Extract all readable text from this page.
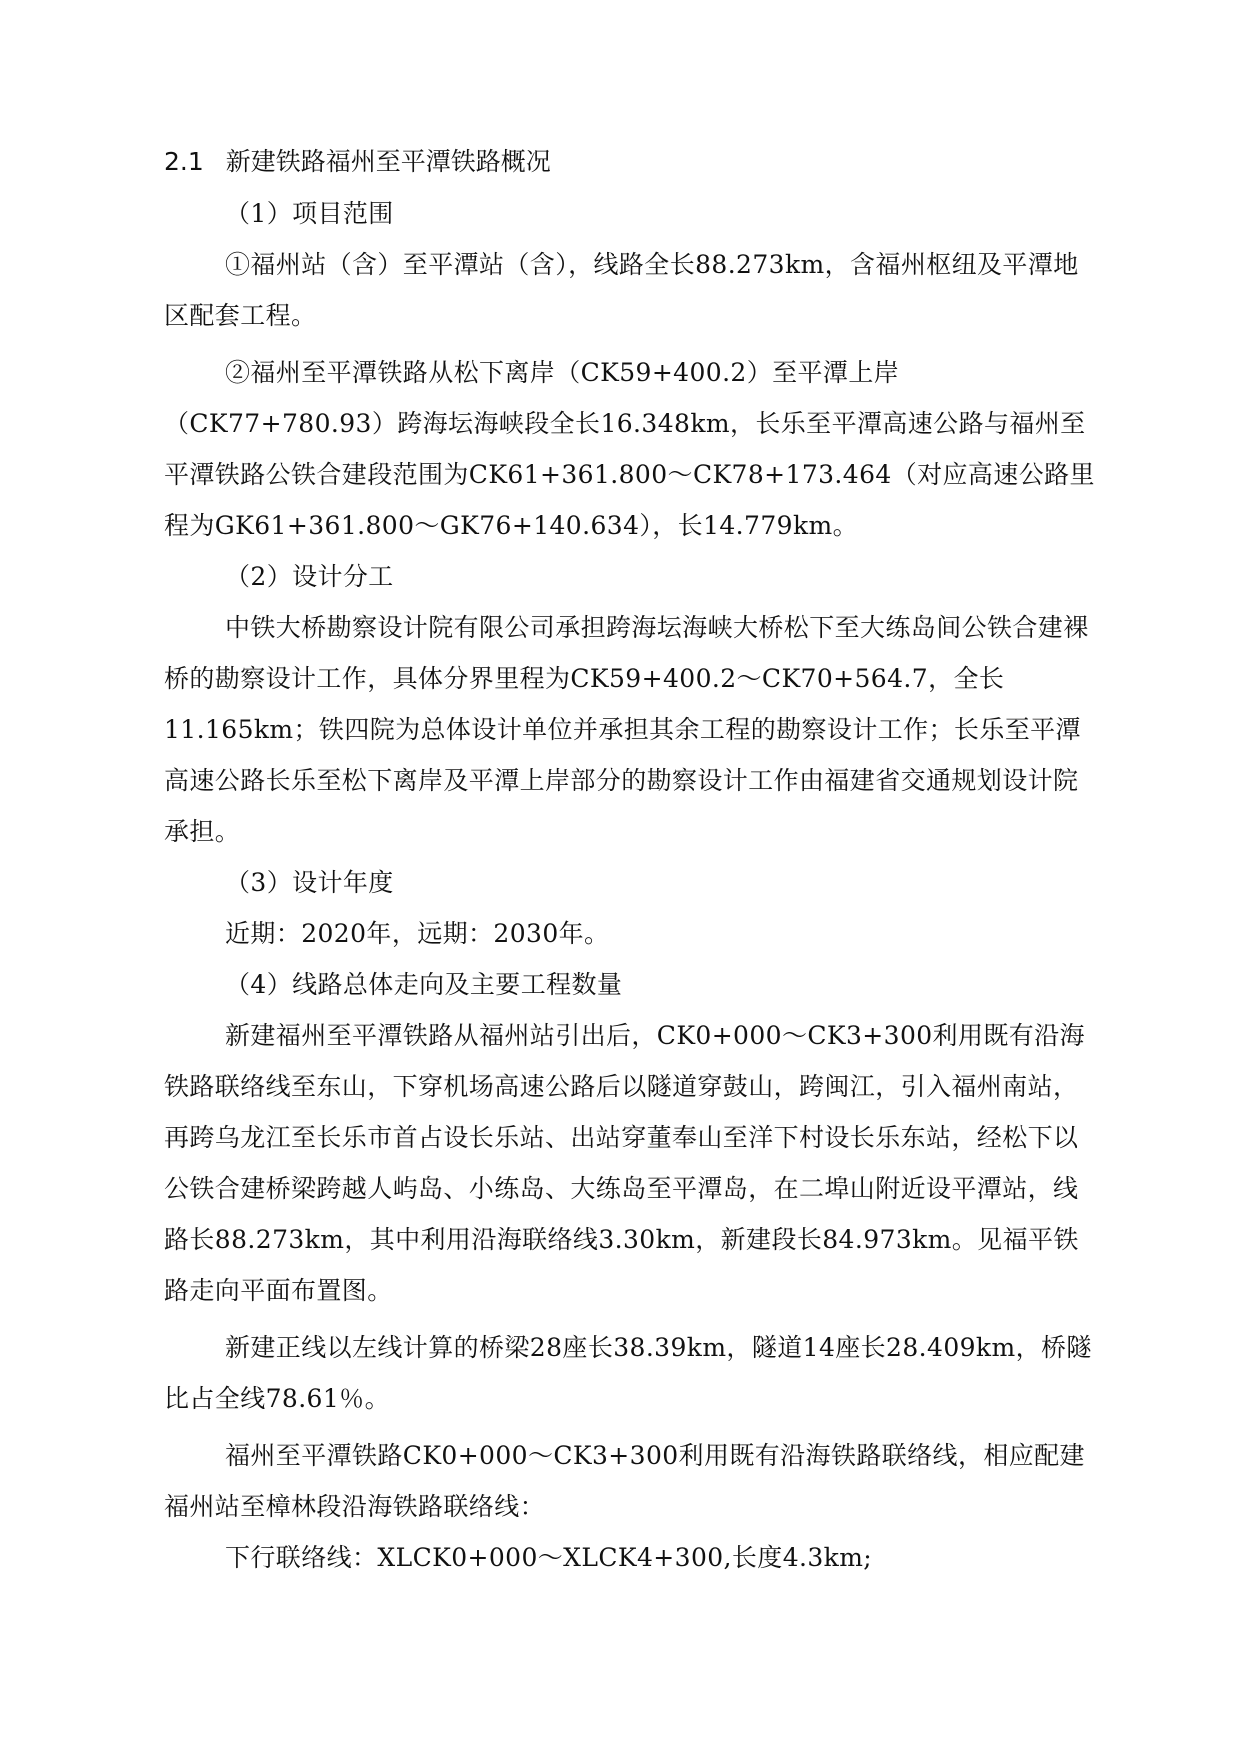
2.1 新建铁路福州至平潭铁路概况

（1）项目范围

①福州站（含）至平潭站（含），线路全长88.273km，含福州枢纽及平潭地区配套工程。

②福州至平潭铁路从松下离岸（CK59+400.2）至平潭上岸（CK77+780.93）跨海坛海峡段全长16.348km，长乐至平潭高速公路与福州至平潭铁路公铁合建段范围为CK61+361.800～CK78+173.464（对应高速公路里程为GK61+361.800～GK76+140.634），长14.779km。

（2）设计分工

中铁大桥勘察设计院有限公司承担跨海坛海峡大桥松下至大练岛间公铁合建裸桥的勘察设计工作，具体分界里程为CK59+400.2～CK70+564.7，全长11.165km；铁四院为总体设计单位并承担其余工程的勘察设计工作；长乐至平潭高速公路长乐至松下离岸及平潭上岸部分的勘察设计工作由福建省交通规划设计院承担。

（3）设计年度

近期：2020年，远期：2030年。

（4）线路总体走向及主要工程数量

新建福州至平潭铁路从福州站引出后，CK0+000～CK3+300利用既有沿海铁路联络线至东山，下穿机场高速公路后以隧道穿鼓山，跨闽江，引入福州南站，再跨乌龙江至长乐市首占设长乐站、出站穿董奉山至洋下村设长乐东站，经松下以公铁合建桥梁跨越人屿岛、小练岛、大练岛至平潭岛，在二埠山附近设平潭站，线路长88.273km，其中利用沿海联络线3.30km，新建段长84.973km。见福平铁路走向平面布置图。

新建正线以左线计算的桥梁28座长38.39km，隧道14座长28.409km，桥隧比占全线78.61％。

福州至平潭铁路CK0+000～CK3+300利用既有沿海铁路联络线，相应配建福州站至樟林段沿海铁路联络线：

下行联络线：XLCK0+000～XLCK4+300,长度4.3km;
